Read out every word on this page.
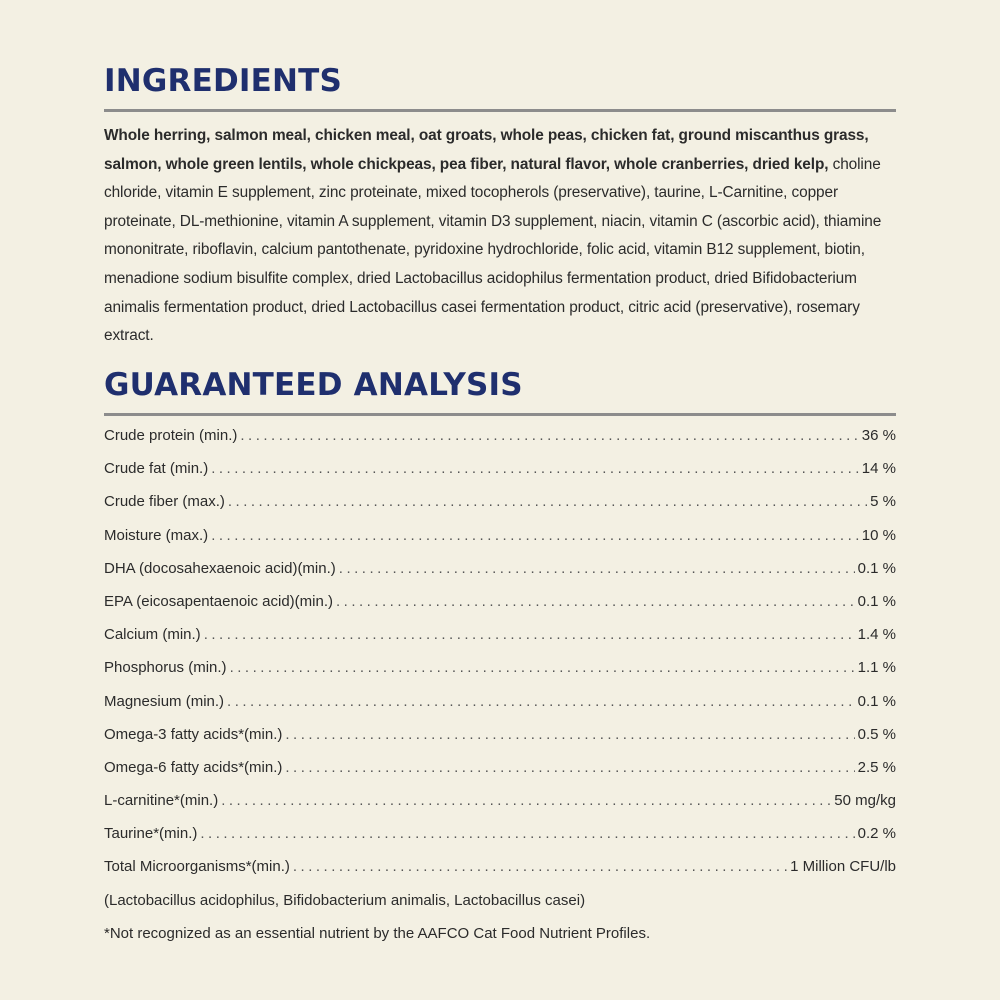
INGREDIENTS

Whole herring, salmon meal, chicken meal, oat groats, whole peas, chicken fat, ground miscanthus grass, salmon, whole green lentils, whole chickpeas, pea fiber, natural flavor, whole cranberries, dried kelp, choline chloride, vitamin E supplement, zinc proteinate, mixed tocopherols (preservative), taurine, L-Carnitine, copper proteinate, DL-methionine, vitamin A supplement, vitamin D3 supplement, niacin, vitamin C (ascorbic acid), thiamine mononitrate, riboflavin, calcium pantothenate, pyridoxine hydrochloride, folic acid, vitamin B12 supplement, biotin, menadione sodium bisulfite complex, dried Lactobacillus acidophilus fermentation product, dried Bifidobacterium animalis fermentation product, dried Lactobacillus casei fermentation product, citric acid (preservative), rosemary extract.

GUARANTEED ANALYSIS
Crude protein (min.) .....	36 %
Crude fat (min.) .....	14 %
Crude fiber (max.) .....	5 %
Moisture (max.) .....	10 %
DHA (docosahexaenoic acid)(min.) .....	0.1 %
EPA (eicosapentaenoic acid)(min.) .....	0.1 %
Calcium (min.) .....	1.4 %
Phosphorus (min.) .....	1.1 %
Magnesium (min.) .....	0.1 %
Omega-3 fatty acids*(min.) .....	0.5 %
Omega-6 fatty acids*(min.) .....	2.5 %
L-carnitine*(min.) .....	50 mg/kg
Taurine*(min.) .....	0.2 %
Total Microorganisms*(min.) .....	1 Million CFU/lb
(Lactobacillus acidophilus, Bifidobacterium animalis, Lactobacillus casei)
*Not recognized as an essential nutrient by the AAFCO Cat Food Nutrient Profiles.
